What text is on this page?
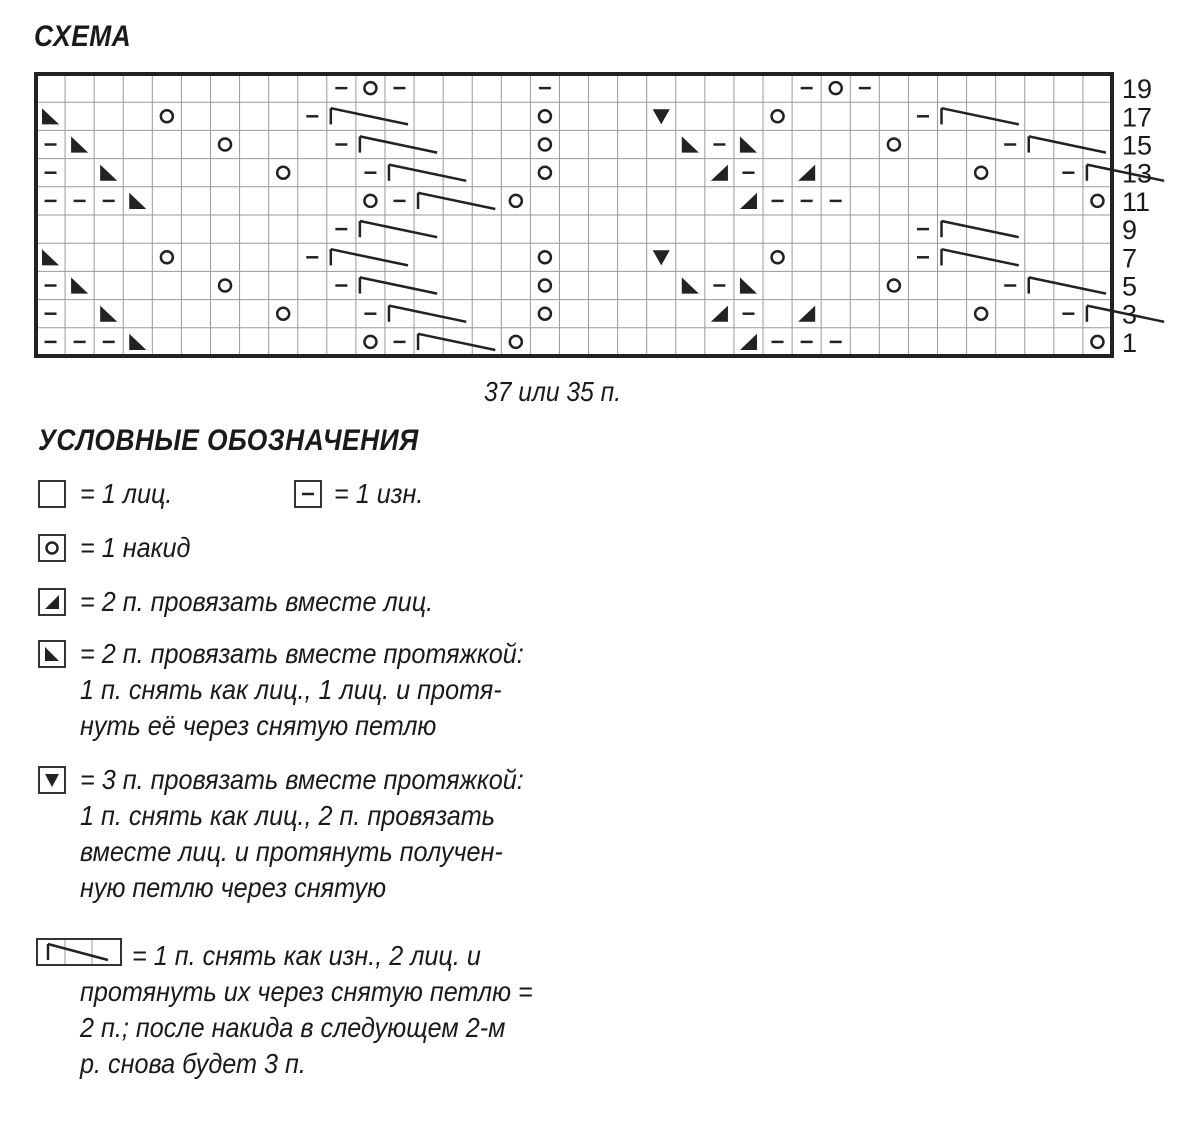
СХЕМА
19
17
15
13
11
9
7
5
3
1
37 или 35 п.
УСЛОВНЫЕ ОБОЗНАЧЕНИЯ
= 1 лиц.	= 1 изн.
= 1 накид
= 2 п. провязать вместе лиц.
= 2 п. провязать вместе протяжкой:
1 п. снять как лиц., 1 лиц. и протя-
нуть её через снятую петлю
= 3 п. провязать вместе протяжкой:
1 п. снять как лиц., 2 п. провязать
вместе лиц. и протянуть получен-
ную петлю через снятую
= 1 п. снять как изн., 2 лиц. и
протянуть их через снятую петлю =
2 п.; после накида в следующем 2-м
р. снова будет 3 п.
